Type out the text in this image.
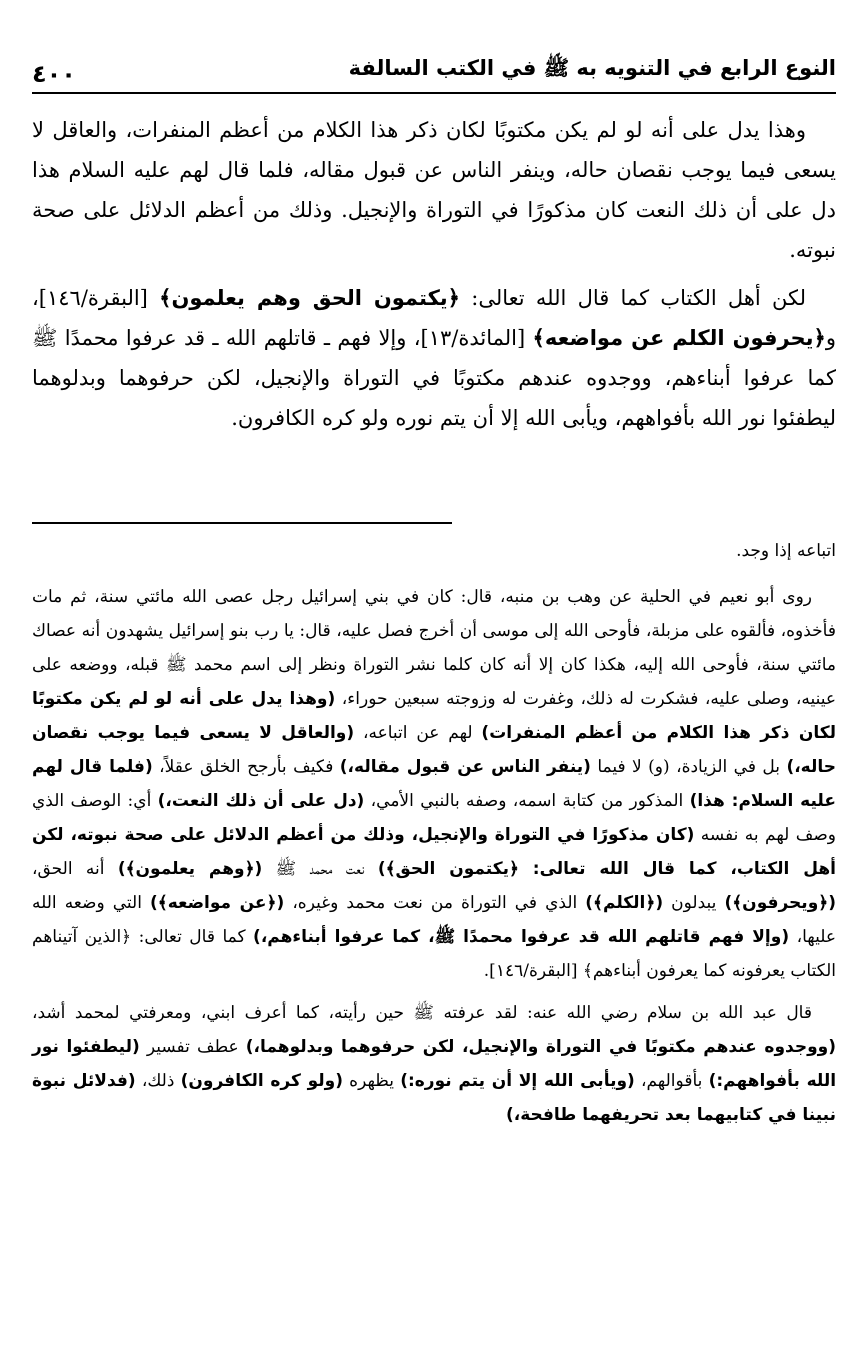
النوع الرابع في التنويه به ﷺ في الكتب السالفة
٤٠٠

وهذا يدل على أنه لو لم يكن مكتوبًا لكان ذكر هذا الكلام من أعظم المنفرات، والعاقل لا يسعى فيما يوجب نقصان حاله، وينفر الناس عن قبول مقاله، فلما قال لهم عليه السلام هذا دل على أن ذلك النعت كان مذكورًا في التوراة والإنجيل. وذلك من أعظم الدلائل على صحة نبوته.

لكن أهل الكتاب كما قال الله تعالى: ﴿يكتمون الحق وهم يعلمون﴾ [البقرة/١٤٦]، و﴿يحرفون الكلم عن مواضعه﴾ [المائدة/١٣]، وإلا فهم ـ قاتلهم الله ـ قد عرفوا محمدًا ﷺ كما عرفوا أبناءهم، ووجدوه عندهم مكتوبًا في التوراة والإنجيل، لكن حرفوهما وبدلوهما ليطفئوا نور الله بأفواههم، ويأبى الله إلا أن يتم نوره ولو كره الكافرون.

اتباعه إذا وجد.

روى أبو نعيم في الحلية عن وهب بن منبه، قال: كان في بني إسرائيل رجل عصى الله مائتي سنة، ثم مات فأخذوه، فألقوه على مزبلة، فأوحى الله إلى موسى أن أخرج فصل عليه، قال: يا رب بنو إسرائيل يشهدون أنه عصاك مائتي سنة، فأوحى الله إليه، هكذا كان إلا أنه كان كلما نشر التوراة ونظر إلى اسم محمد ﷺ قبله، ووضعه على عينيه، وصلى عليه، فشكرت له ذلك، وغفرت له وزوجته سبعين حوراء، (وهذا يدل على أنه لو لم يكن مكتوبًا لكان ذكر هذا الكلام من أعظم المنفرات) لهم عن اتباعه، (والعاقل لا يسعى فيما يوجب نقصان حاله،) بل في الزيادة، (و) لا فيما (ينفر الناس عن قبول مقاله،) فكيف بأرجح الخلق عقلاً، (فلما قال لهم عليه السلام: هذا) المذكور من كتابة اسمه، وصفه بالنبي الأمي، (دل على أن ذلك النعت،) أي: الوصف الذي وصف لهم به نفسه (كان مذكورًا في التوراة والإنجيل، وذلك من أعظم الدلائل على صحة نبوته، لكن أهل الكتاب، كما قال الله تعالى: ﴿يكتمون الحق﴾) نعت محمد ﷺ (﴿وهم يعلمون﴾) أنه الحق، (﴿ويحرفون﴾) يبدلون (﴿الكلم﴾) الذي في التوراة من نعت محمد وغيره، (﴿عن مواضعه﴾) التي وضعه الله عليها، (وإلا فهم قاتلهم الله قد عرفوا محمدًا ﷺ، كما عرفوا أبناءهم،) كما قال تعالى: ﴿الذين آتيناهم الكتاب يعرفونه كما يعرفون أبناءهم﴾ [البقرة/١٤٦].

قال عبد الله بن سلام رضي الله عنه: لقد عرفته ﷺ حين رأيته، كما أعرف ابني، ومعرفتي لمحمد أشد، (ووجدوه عندهم مكتوبًا في التوراة والإنجيل، لكن حرفوهما وبدلوهما،) عطف تفسير (ليطفئوا نور الله بأفواههم:) بأقوالهم، (ويأبى الله إلا أن يتم نوره:) يظهره (ولو كره الكافرون) ذلك، (فدلائل نبوة نبينا في كتابيهما بعد تحريفهما طافحة،)
